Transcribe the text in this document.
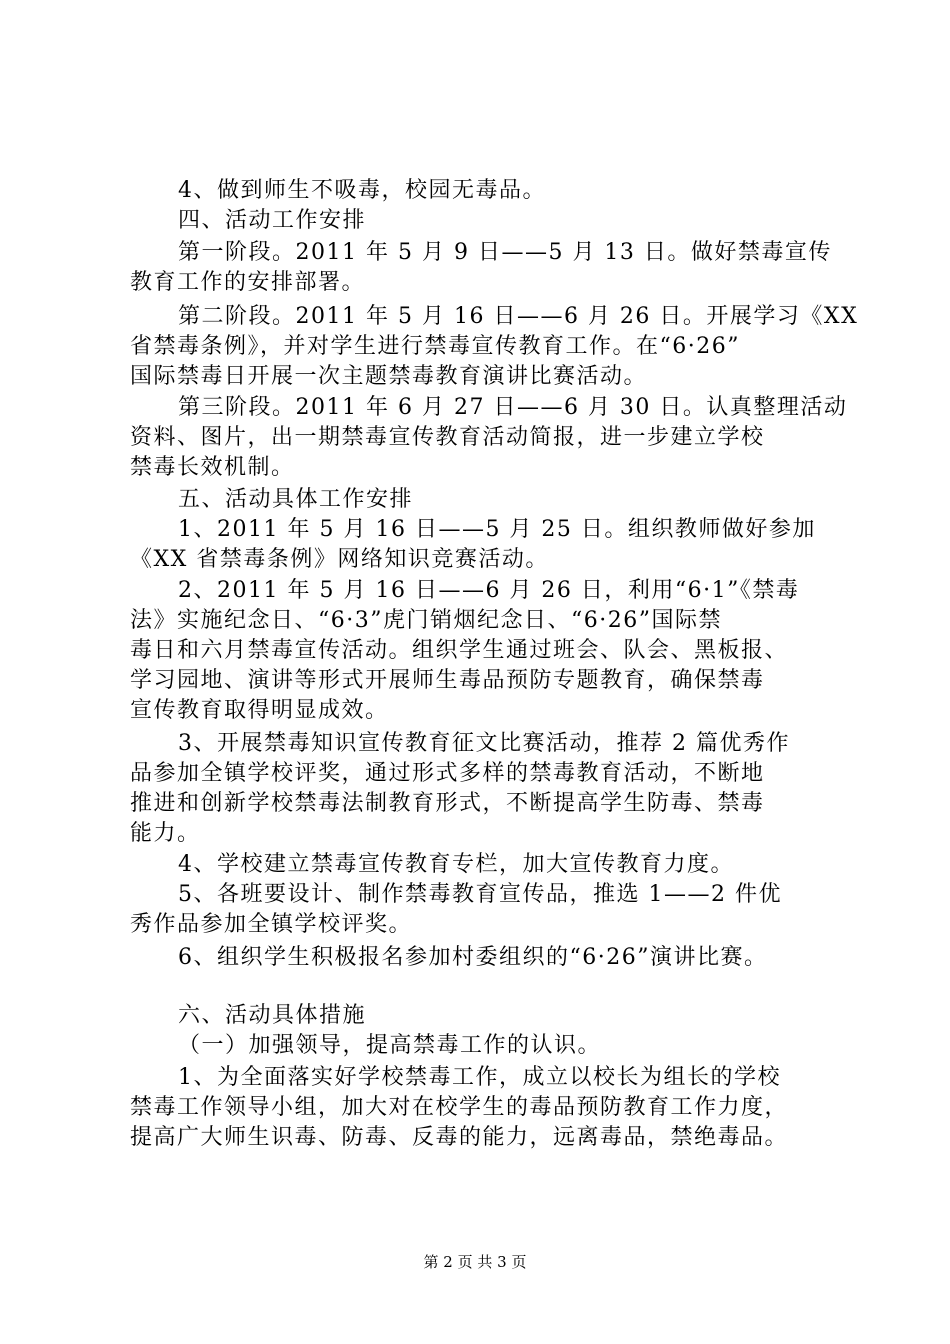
4、做到师生不吸毒，校园无毒品。
四、活动工作安排
第一阶段。2011 年 5 月 9 日——5 月 13 日。做好禁毒宣传
教育工作的安排部署。
第二阶段。2011 年 5 月 16 日——6 月 26 日。开展学习《XX
省禁毒条例》，并对学生进行禁毒宣传教育工作。在“6·26”
国际禁毒日开展一次主题禁毒教育演讲比赛活动。
第三阶段。2011 年 6 月 27 日——6 月 30 日。认真整理活动
资料、图片，出一期禁毒宣传教育活动简报，进一步建立学校
禁毒长效机制。
五、活动具体工作安排
1、2011 年 5 月 16 日——5 月 25 日。组织教师做好参加
《XX 省禁毒条例》网络知识竞赛活动。
2、2011 年 5 月 16 日——6 月 26 日，利用“6·1”《禁毒
法》实施纪念日、“6·3”虎门销烟纪念日、“6·26”国际禁
毒日和六月禁毒宣传活动。组织学生通过班会、队会、黑板报、
学习园地、演讲等形式开展师生毒品预防专题教育，确保禁毒
宣传教育取得明显成效。
3、开展禁毒知识宣传教育征文比赛活动，推荐 2 篇优秀作
品参加全镇学校评奖，通过形式多样的禁毒教育活动，不断地
推进和创新学校禁毒法制教育形式，不断提高学生防毒、禁毒
能力。
4、学校建立禁毒宣传教育专栏，加大宣传教育力度。
5、各班要设计、制作禁毒教育宣传品，推选 1——2 件优
秀作品参加全镇学校评奖。
6、组织学生积极报名参加村委组织的“6·26”演讲比赛。
六、活动具体措施
（一）加强领导，提高禁毒工作的认识。
1、为全面落实好学校禁毒工作，成立以校长为组长的学校
禁毒工作领导小组，加大对在校学生的毒品预防教育工作力度，
提高广大师生识毒、防毒、反毒的能力，远离毒品，禁绝毒品。
第 2 页 共 3 页
